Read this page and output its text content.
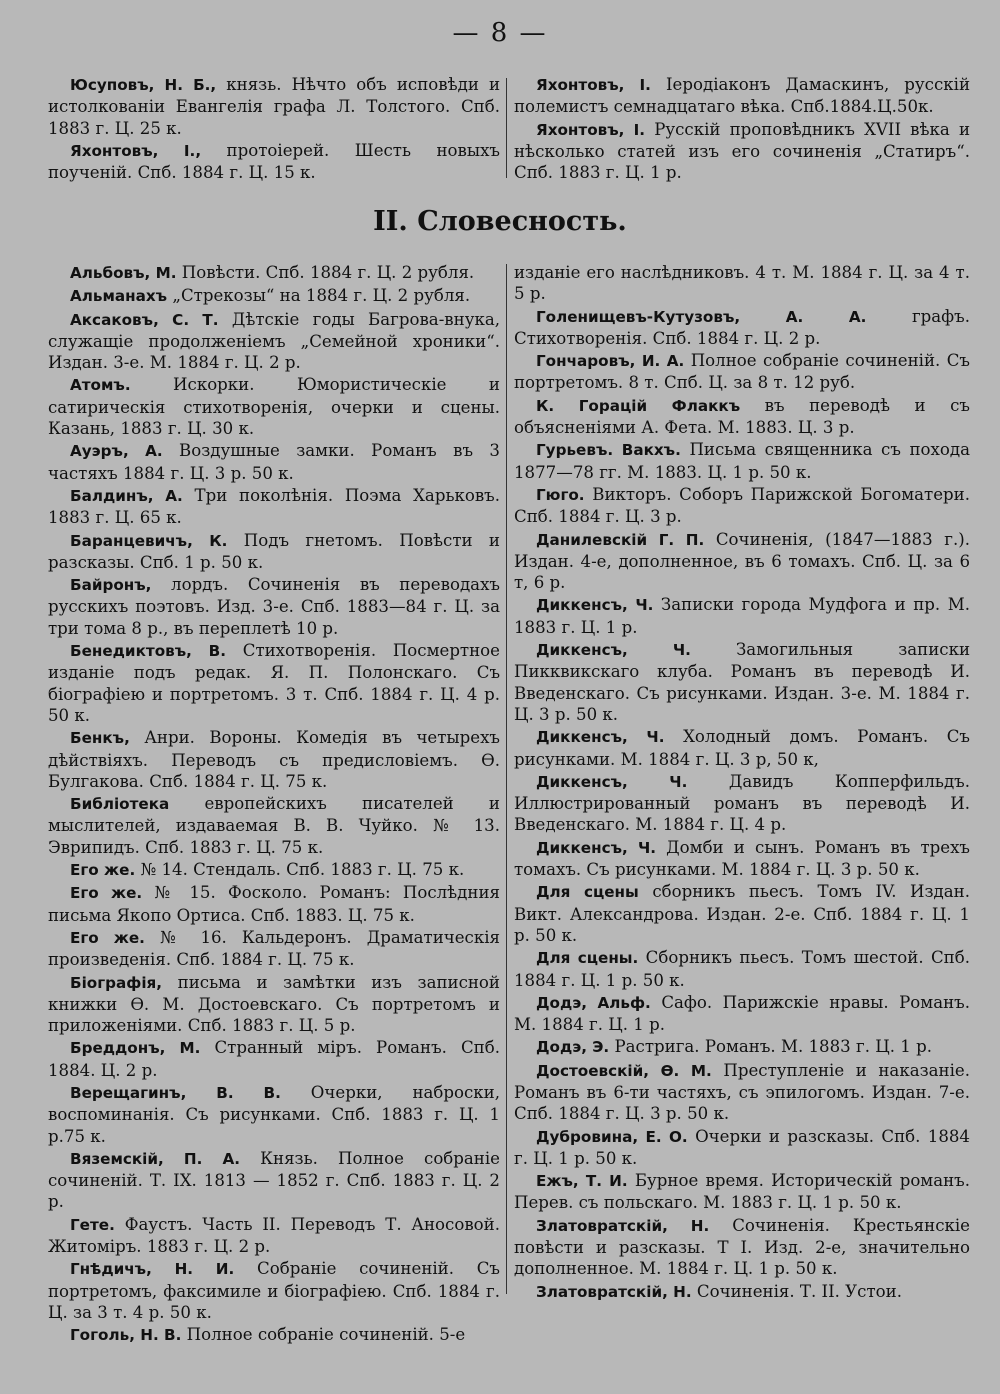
— 8 —

Юсуповъ, Н. Б., князь. Нѣчто объ исповѣди и истолкованіи Евангелія графа Л. Толстого. Спб. 1883 г. Ц. 25 к.

Яхонтовъ, І., протоіерей. Шесть новыхъ поученій. Спб. 1884 г. Ц. 15 к.

Яхонтовъ, І. Іеродіаконъ Дамаскинъ, русскій полемистъ семнадцатаго вѣка. Спб.1884.Ц.50к.

Яхонтовъ, І. Русскій проповѣдникъ XVII вѣка и нѣсколько статей изъ его сочиненія „Статиръ“. Спб. 1883 г. Ц. 1 р.

II. Словесность.

Альбовъ, М. Повѣсти. Спб. 1884 г. Ц. 2 рубля.

Альманахъ „Стрекозы“ на 1884 г. Ц. 2 рубля.

Аксаковъ, С. Т. Дѣтскіе годы Багрова-внука, служащіе продолженіемъ „Семейной хроники“. Издан. 3-е. М. 1884 г. Ц. 2 р.

Атомъ. Искорки. Юмористическіе и сатирическія стихотворенія, очерки и сцены. Казань, 1883 г. Ц. 30 к.

Ауэръ, А. Воздушные замки. Романъ въ 3 частяхъ 1884 г. Ц. 3 р. 50 к.

Балдинъ, А. Три поколѣнія. Поэма Харьковъ. 1883 г. Ц. 65 к.

Баранцевичъ, К. Подъ гнетомъ. Повѣсти и разсказы. Спб. 1 р. 50 к.

Байронъ, лордъ. Сочиненія въ переводахъ русскихъ поэтовъ. Изд. 3-е. Спб. 1883—84 г. Ц. за три тома 8 р., въ переплетѣ 10 р.

Бенедиктовъ, В. Стихотворенія. Посмертное изданіе подъ редак. Я. П. Полонскаго. Съ біографіею и портретомъ. 3 т. Спб. 1884 г. Ц. 4 р. 50 к.

Бенкъ, Анри. Вороны. Комедія въ четырехъ дѣйствіяхъ. Переводъ съ предисловіемъ. Ѳ. Булгакова. Спб. 1884 г. Ц. 75 к.

Библіотека европейскихъ писателей и мыслителей, издаваемая В. В. Чуйко. № 13. Эврипидъ. Спб. 1883 г. Ц. 75 к.

Его же. № 14. Стендаль. Спб. 1883 г. Ц. 75 к.

Его же. № 15. Фосколо. Романъ: Послѣдния письма Якопо Ортиса. Спб. 1883. Ц. 75 к.

Его же. № 16. Кальдеронъ. Драматическія произведенія. Спб. 1884 г. Ц. 75 к.

Біографія, письма и замѣтки изъ записной книжки Ѳ. М. Достоевскаго. Съ портретомъ и приложеніями. Спб. 1883 г. Ц. 5 р.

Бреддонъ, М. Странный міръ. Романъ. Спб. 1884. Ц. 2 р.

Верещагинъ, В. В. Очерки, наброски, воспоминанія. Съ рисунками. Спб. 1883 г. Ц. 1 р.75 к.

Вяземскій, П. А. Князь. Полное собраніе сочиненій. Т. IX. 1813 — 1852 г. Спб. 1883 г. Ц. 2 р.

Гете. Фаустъ. Часть II. Переводъ Т. Аносовой. Житоміръ. 1883 г. Ц. 2 р.

Гнѣдичъ, Н. И. Собраніе сочиненій. Съ портретомъ, факсимиле и біографіею. Спб. 1884 г. Ц. за 3 т. 4 р. 50 к.

Гоголь, Н. В. Полное собраніе сочиненій. 5-е

изданіе его наслѣдниковъ. 4 т. М. 1884 г. Ц. за 4 т. 5 р.

Голенищевъ-Кутузовъ, А. А. графъ. Стихотворенія. Спб. 1884 г. Ц. 2 р.

Гончаровъ, И. А. Полное собраніе сочиненій. Съ портретомъ. 8 т. Спб. Ц. за 8 т. 12 руб.

К. Горацій Флаккъ въ переводѣ и съ объясненіями А. Фета. М. 1883. Ц. 3 р.

Гурьевъ. Вакхъ. Письма священника съ похода 1877—78 гг. М. 1883. Ц. 1 р. 50 к.

Гюго. Викторъ. Соборъ Парижской Богоматери. Спб. 1884 г. Ц. 3 р.

Данилевскій Г. П. Сочиненія, (1847—1883 г.). Издан. 4-е, дополненное, въ 6 томахъ. Спб. Ц. за 6 т, 6 р.

Диккенсъ, Ч. Записки города Мудфога и пр. М. 1883 г. Ц. 1 р.

Диккенсъ, Ч. Замогильныя записки Пикквикскаго клуба. Романъ въ переводѣ И. Введенскаго. Съ рисунками. Издан. 3-е. М. 1884 г. Ц. 3 р. 50 к.

Диккенсъ, Ч. Холодный домъ. Романъ. Съ рисунками. М. 1884 г. Ц. 3 р, 50 к,

Диккенсъ, Ч. Давидъ Копперфильдъ. Иллюстрированный романъ въ переводѣ И. Введенскаго. М. 1884 г. Ц. 4 р.

Диккенсъ, Ч. Домби и сынъ. Романъ въ трехъ томахъ. Съ рисунками. М. 1884 г. Ц. 3 р. 50 к.

Для сцены сборникъ пьесъ. Томъ IV. Издан. Викт. Александрова. Издан. 2-е. Спб. 1884 г. Ц. 1 р. 50 к.

Для сцены. Сборникъ пьесъ. Томъ шестой. Спб. 1884 г. Ц. 1 р. 50 к.

Додэ, Альф. Сафо. Парижскіе нравы. Романъ. М. 1884 г. Ц. 1 р.

Додэ, Э. Растрига. Романъ. М. 1883 г. Ц. 1 р.

Достоевскій, Ѳ. М. Преступленіе и наказаніе. Романъ въ 6-ти частяхъ, съ эпилогомъ. Издан. 7-е. Спб. 1884 г. Ц. 3 р. 50 к.

Дубровина, Е. О. Очерки и разсказы. Спб. 1884 г. Ц. 1 р. 50 к.

Ежъ, Т. И. Бурное время. Историческій романъ. Перев. съ польскаго. М. 1883 г. Ц. 1 р. 50 к.

Златовратскій, Н. Сочиненія. Крестьянскіе повѣсти и разсказы. Т I. Изд. 2-е, значительно дополненное. М. 1884 г. Ц. 1 р. 50 к.

Златовратскій, Н. Сочиненія. Т. II. Устои.
